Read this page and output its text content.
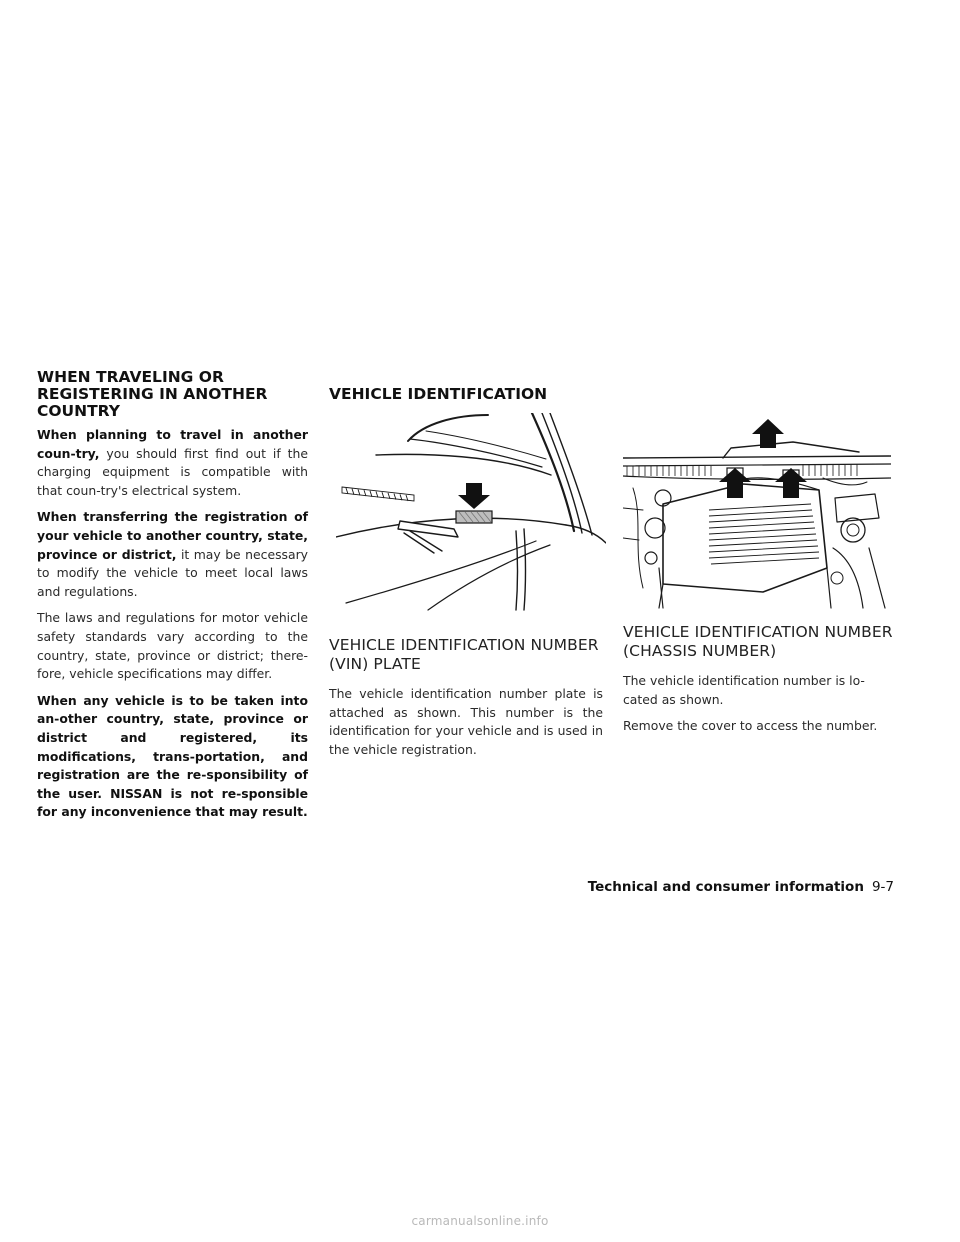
WHEN TRAVELING OR REGISTERING IN ANOTHER COUNTRY

When planning to travel in another coun-try, you should first find out if the charging equipment is compatible with that coun-try's electrical system.

When transferring the registration of your vehicle to another country, state, province or district, it may be necessary to modify the vehicle to meet local laws and regulations.

The laws and regulations for motor vehicle safety standards vary according to the country, state, province or district; there-fore, vehicle specifications may differ.

When any vehicle is to be taken into an-other country, state, province or district and registered, its modifications, trans-portation, and registration are the re-sponsibility of the user. NISSAN is not re-sponsible for any inconvenience that may result.

VEHICLE IDENTIFICATION
VEHICLE IDENTIFICATION NUMBER (VIN) PLATE

The vehicle identification number plate is attached as shown. This number is the identification for your vehicle and is used in the vehicle registration.

VEHICLE IDENTIFICATION NUMBER (CHASSIS NUMBER)

The vehicle identification number is lo-cated as shown.

Remove the cover to access the number.

Technical and consumer information 9-7
carmanualsonline.info
